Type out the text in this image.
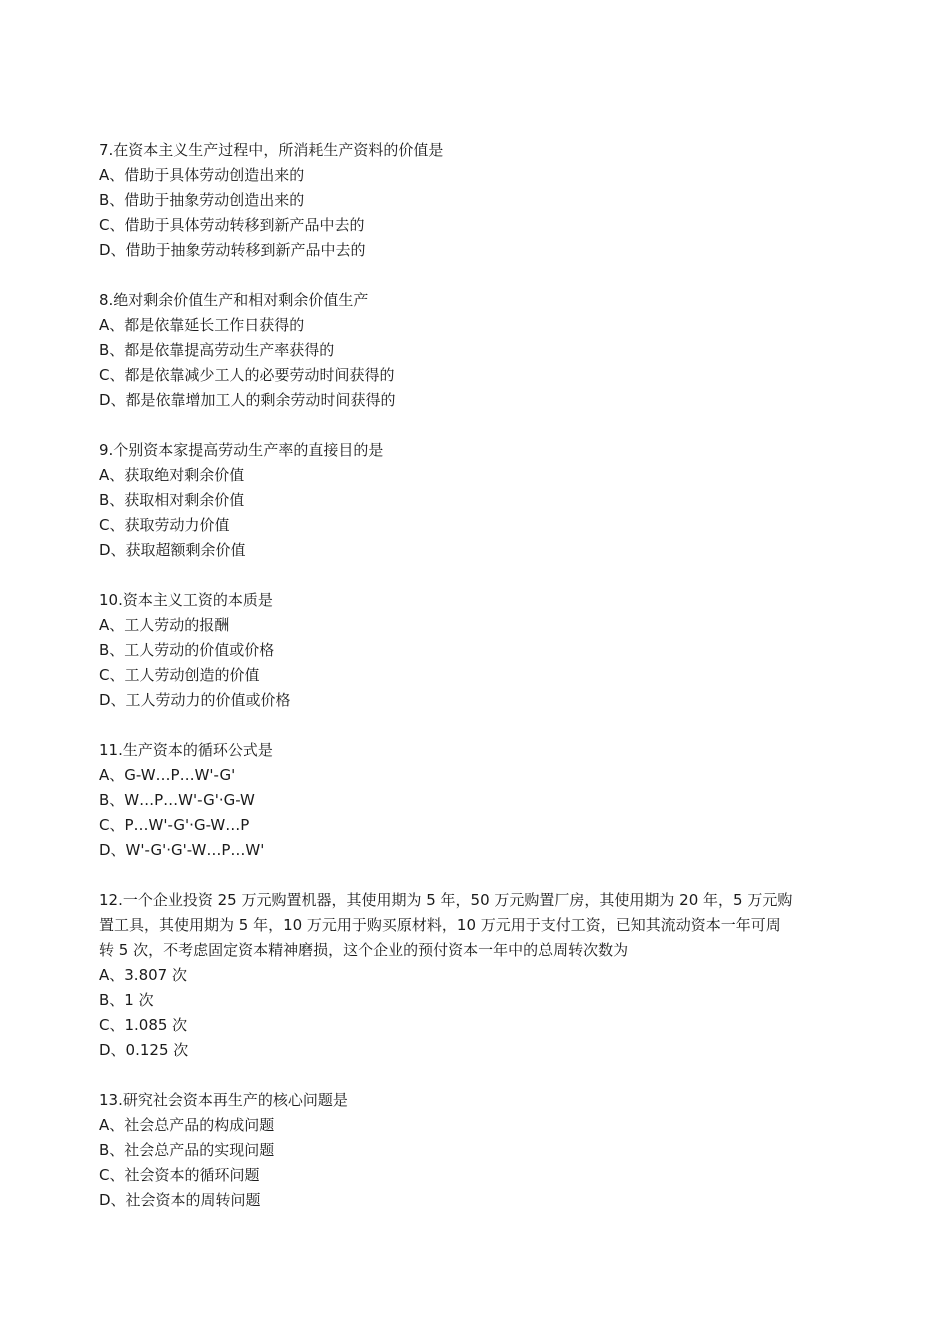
7.在资本主义生产过程中，所消耗生产资料的价值是

A、借助于具体劳动创造出来的

B、借助于抽象劳动创造出来的

C、借助于具体劳动转移到新产品中去的

D、借助于抽象劳动转移到新产品中去的

8.绝对剩余价值生产和相对剩余价值生产

A、都是依靠延长工作日获得的

B、都是依靠提高劳动生产率获得的

C、都是依靠减少工人的必要劳动时间获得的

D、都是依靠增加工人的剩余劳动时间获得的

9.个别资本家提高劳动生产率的直接目的是

A、获取绝对剩余价值

B、获取相对剩余价值

C、获取劳动力价值

D、获取超额剩余价值

10.资本主义工资的本质是

A、工人劳动的报酬

B、工人劳动的价值或价格

C、工人劳动创造的价值

D、工人劳动力的价值或价格

11.生产资本的循环公式是

A、G-W…P…W'-G'

B、W…P…W'-G'·G-W

C、P…W'-G'·G-W…P

D、W'-G'·G'-W…P…W'

12.一个企业投资 25 万元购置机器，其使用期为 5 年，50 万元购置厂房，其使用期为 20 年，5 万元购

置工具，其使用期为 5 年，10 万元用于购买原材料，10 万元用于支付工资，已知其流动资本一年可周

转 5 次，不考虑固定资本精神磨损，这个企业的预付资本一年中的总周转次数为

A、3.807 次

B、1 次

C、1.085 次

D、0.125 次

13.研究社会资本再生产的核心问题是

A、社会总产品的构成问题

B、社会总产品的实现问题

C、社会资本的循环问题

D、社会资本的周转问题
